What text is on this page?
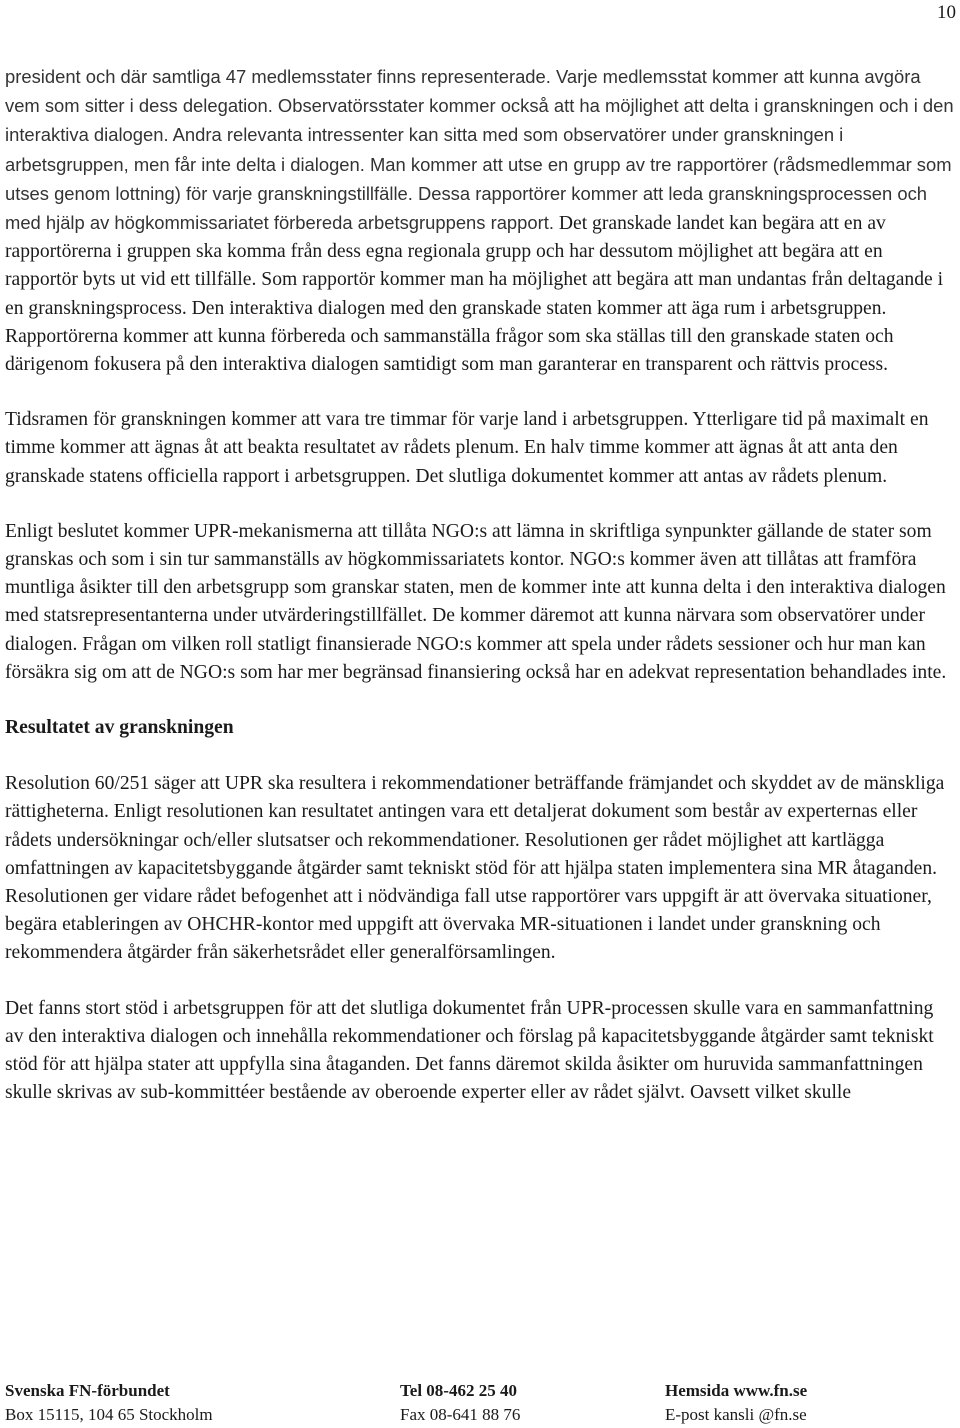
10

president och där samtliga 47 medlemsstater finns representerade. Varje medlemsstat kommer att kunna avgöra vem som sitter i dess delegation. Observatörsstater kommer också att ha möjlighet att delta i granskningen och i den interaktiva dialogen. Andra relevanta intressenter kan sitta med som observatörer under granskningen i arbetsgruppen, men får inte delta i dialogen. Man kommer att utse en grupp av tre rapportörer (rådsmedlemmar som utses genom lottning) för varje granskningstillfälle. Dessa rapportörer kommer att leda granskningsprocessen och med hjälp av högkommissariatet förbereda arbetsgruppens rapport. Det granskade landet kan begära att en av rapportörerna i gruppen ska komma från dess egna regionala grupp och har dessutom möjlighet att begära att en rapportör byts ut vid ett tillfälle. Som rapportör kommer man ha möjlighet att begära att man undantas från deltagande i en granskningsprocess. Den interaktiva dialogen med den granskade staten kommer att äga rum i arbetsgruppen. Rapportörerna kommer att kunna förbereda och sammanställa frågor som ska ställas till den granskade staten och därigenom fokusera på den interaktiva dialogen samtidigt som man garanterar en transparent och rättvis process.

Tidsramen för granskningen kommer att vara tre timmar för varje land i arbetsgruppen. Ytterligare tid på maximalt en timme kommer att ägnas åt att beakta resultatet av rådets plenum. En halv timme kommer att ägnas åt att anta den granskade statens officiella rapport i arbetsgruppen. Det slutliga dokumentet kommer att antas av rådets plenum.

Enligt beslutet kommer UPR-mekanismerna att tillåta NGO:s att lämna in skriftliga synpunkter gällande de stater som granskas och som i sin tur sammanställs av högkommissariatets kontor. NGO:s kommer även att tillåtas att framföra muntliga åsikter till den arbetsgrupp som granskar staten, men de kommer inte att kunna delta i den interaktiva dialogen med statsrepresentanterna under utvärderingstillfället. De kommer däremot att kunna närvara som observatörer under dialogen. Frågan om vilken roll statligt finansierade NGO:s kommer att spela under rådets sessioner och hur man kan försäkra sig om att de NGO:s som har mer begränsad finansiering också har en adekvat representation behandlades inte.

Resultatet av granskningen

Resolution 60/251 säger att UPR ska resultera i rekommendationer beträffande främjandet och skyddet av de mänskliga rättigheterna. Enligt resolutionen kan resultatet antingen vara ett detaljerat dokument som består av experternas eller rådets undersökningar och/eller slutsatser och rekommendationer. Resolutionen ger rådet möjlighet att kartlägga omfattningen av kapacitetsbyggande åtgärder samt tekniskt stöd för att hjälpa staten implementera sina MR åtaganden. Resolutionen ger vidare rådet befogenhet att i nödvändiga fall utse rapportörer vars uppgift är att övervaka situationer, begära etableringen av OHCHR-kontor med uppgift att övervaka MR-situationen i landet under granskning och rekommendera åtgärder från säkerhetsrådet eller generalförsamlingen.

Det fanns stort stöd i arbetsgruppen för att det slutliga dokumentet från UPR-processen skulle vara en sammanfattning av den interaktiva dialogen och innehålla rekommendationer och förslag på kapacitetsbyggande åtgärder samt tekniskt stöd för att hjälpa stater att uppfylla sina åtaganden. Det fanns däremot skilda åsikter om huruvida sammanfattningen skulle skrivas av sub-kommittéer bestående av oberoende experter eller av rådet självt. Oavsett vilket skulle

Svenska FN-förbundet
Box 15115, 104 65 Stockholm
Tel 08-462 25 40
Fax 08-641 88 76
Hemsida www.fn.se
E-post kansli @fn.se
